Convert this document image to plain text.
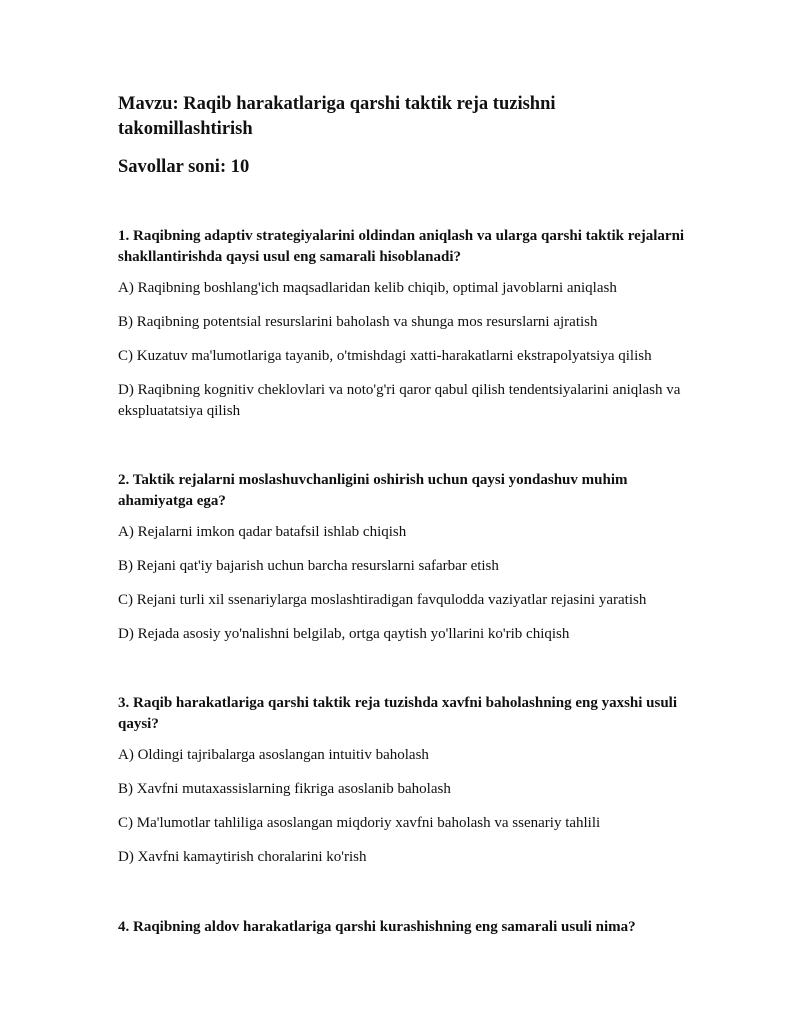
Mavzu: Raqib harakatlariga qarshi taktik reja tuzishni takomillashtirish
Savollar soni: 10

1. Raqibning adaptiv strategiyalarini oldindan aniqlash va ularga qarshi taktik rejalarni shakllantirishda qaysi usul eng samarali hisoblanadi?

A) Raqibning boshlang'ich maqsadlaridan kelib chiqib, optimal javoblarni aniqlash

B) Raqibning potentsial resurslarini baholash va shunga mos resurslarni ajratish

C) Kuzatuv ma'lumotlariga tayanib, o'tmishdagi xatti-harakatlarni ekstrapolyatsiya qilish

D) Raqibning kognitiv cheklovlari va noto'g'ri qaror qabul qilish tendentsiyalarini aniqlash va ekspluatatsiya qilish

2. Taktik rejalarni moslashuvchanligini oshirish uchun qaysi yondashuv muhim ahamiyatga ega?

A) Rejalarni imkon qadar batafsil ishlab chiqish

B) Rejani qat'iy bajarish uchun barcha resurslarni safarbar etish

C) Rejani turli xil ssenariylarga moslashtiradigan favqulodda vaziyatlar rejasini yaratish

D) Rejada asosiy yo'nalishni belgilab, ortga qaytish yo'llarini ko'rib chiqish

3. Raqib harakatlariga qarshi taktik reja tuzishda xavfni baholashning eng yaxshi usuli qaysi?

A) Oldingi tajribalarga asoslangan intuitiv baholash

B) Xavfni mutaxassislarning fikriga asoslanib baholash

C) Ma'lumotlar tahliliga asoslangan miqdoriy xavfni baholash va ssenariy tahlili

D) Xavfni kamaytirish choralarini ko'rish

4. Raqibning aldov harakatlariga qarshi kurashishning eng samarali usuli nima?
